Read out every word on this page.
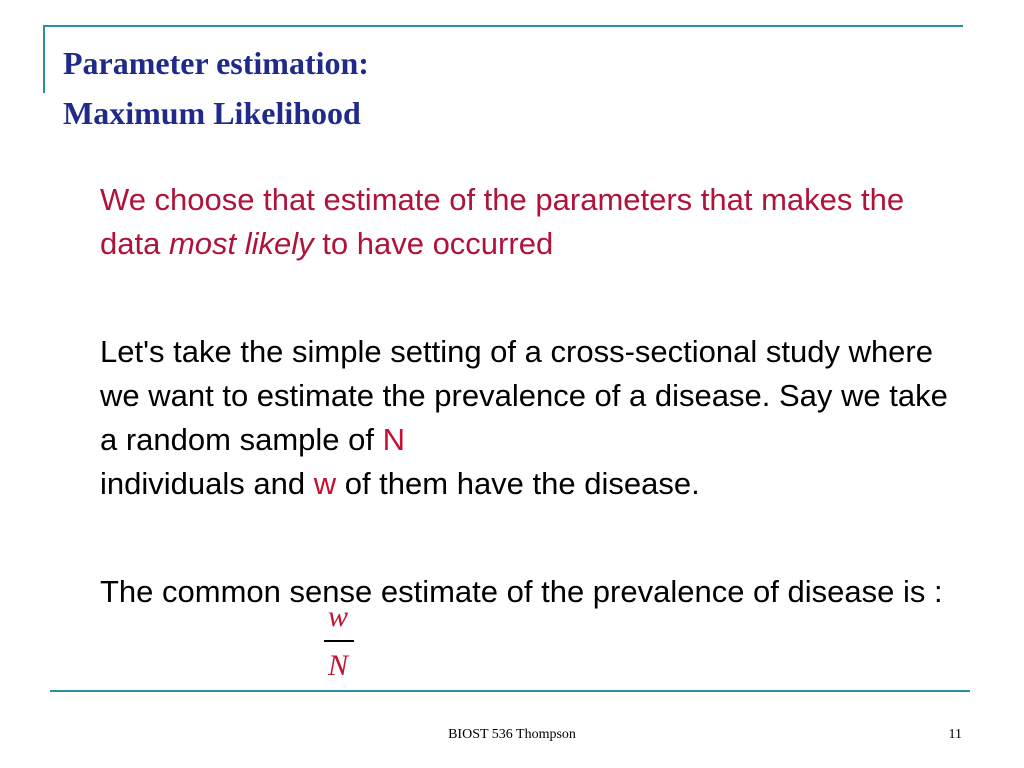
Parameter estimation:
Maximum Likelihood
We choose that estimate of the parameters that makes the data most likely to have occurred
Let's take the simple setting of a cross-sectional study where we want to estimate the prevalence of a disease. Say we take a random sample of N
individuals and w of them have the disease.
The common sense estimate of the prevalence of disease is :
w
N
BIOST 536 Thompson	11
